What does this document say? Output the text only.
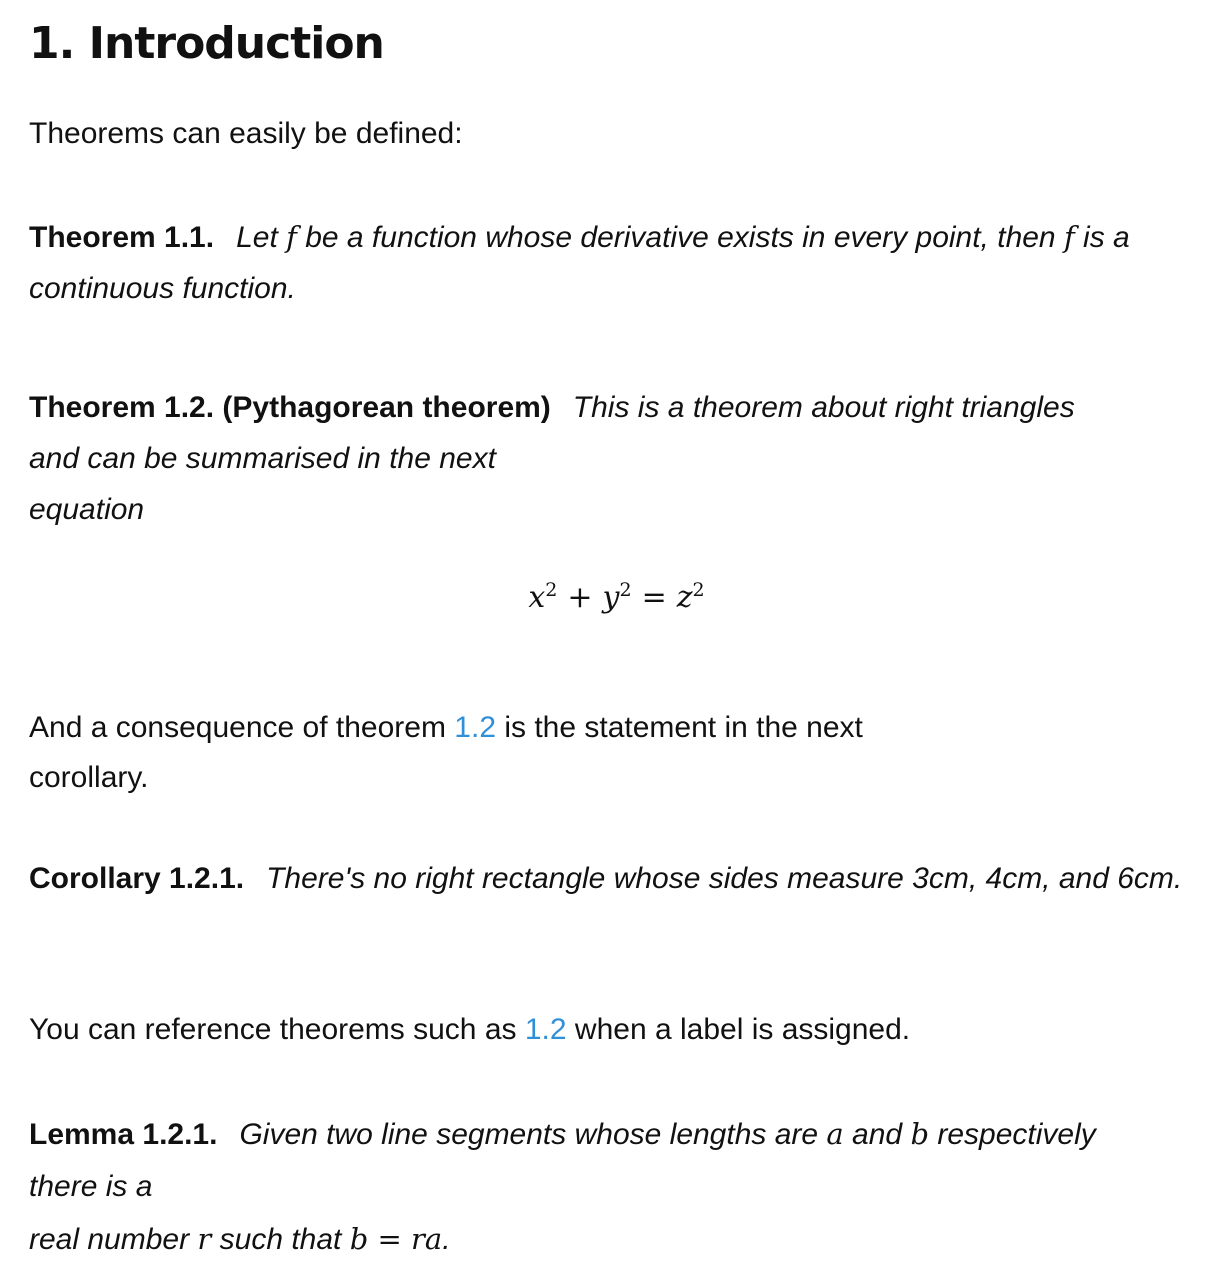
1. Introduction

Theorems can easily be defined:

Theorem 1.1. Let f be a function whose derivative exists in every point, then f is a continuous function.

Theorem 1.2. (Pythagorean theorem) This is a theorem about right triangles
and can be summarised in the next
equation

$x^2 + y^2 = z^2$

And a consequence of theorem 1.2 is the statement in the next
corollary.

Corollary 1.2.1. There's no right rectangle whose sides measure 3cm, 4cm, and 6cm.

You can reference theorems such as 1.2 when a label is assigned.

Lemma 1.2.1. Given two line segments whose lengths are a and b respectively
there is a
real number r such that b = ra.
